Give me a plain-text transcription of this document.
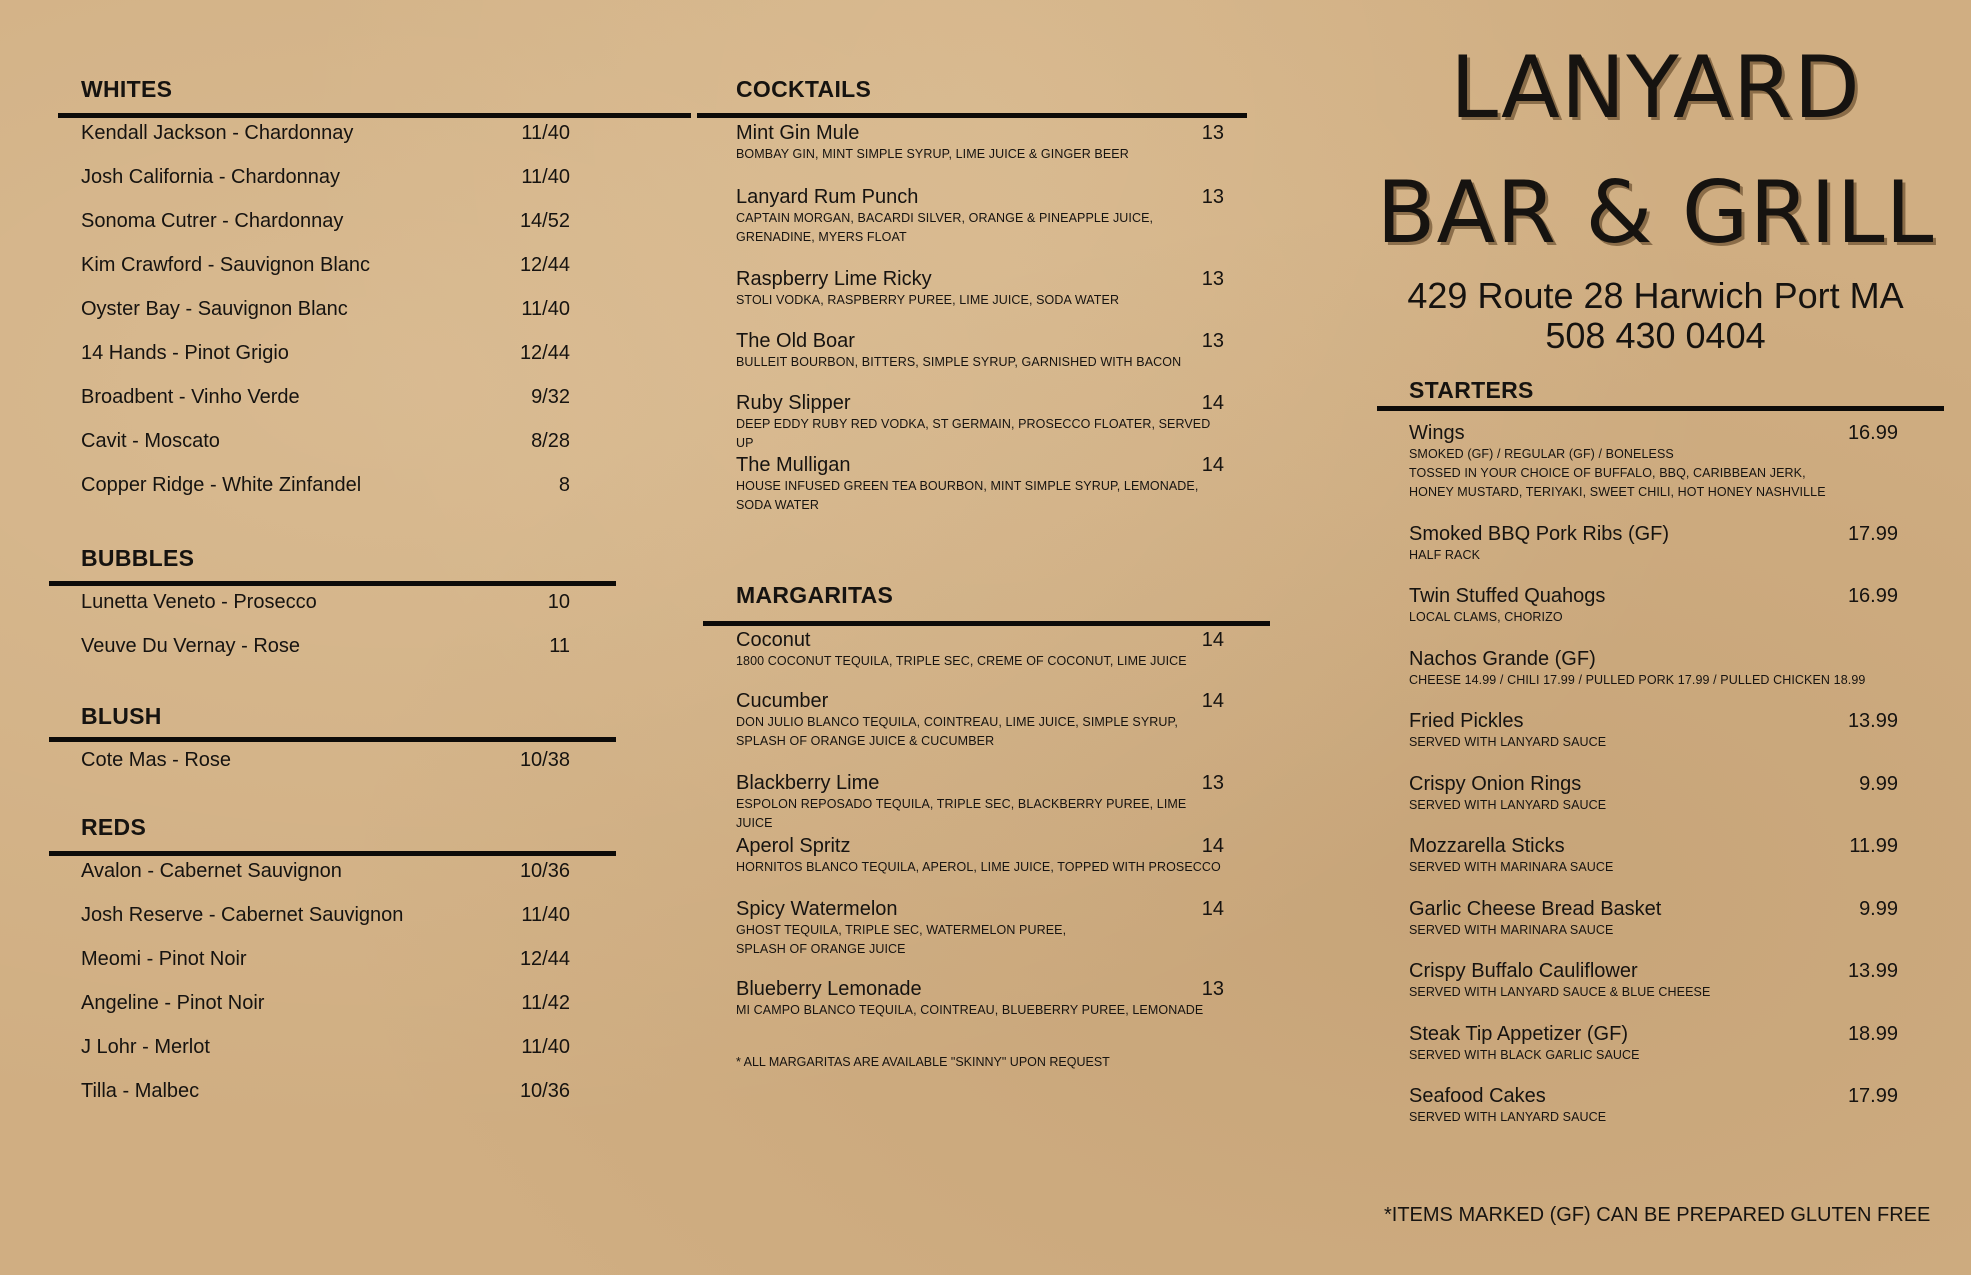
LANYARD
BAR & GRILL
429 Route 28 Harwich Port MA
508 430 0404
WHITES
Kendall Jackson - Chardonnay	11/40
Josh California - Chardonnay	11/40
Sonoma Cutrer - Chardonnay	14/52
Kim Crawford - Sauvignon Blanc	12/44
Oyster Bay - Sauvignon Blanc	11/40
14 Hands - Pinot Grigio	12/44
Broadbent - Vinho Verde	9/32
Cavit - Moscato	8/28
Copper Ridge - White Zinfandel	8
BUBBLES
Lunetta Veneto - Prosecco	10
Veuve Du Vernay - Rose	11
BLUSH
Cote Mas - Rose	10/38
REDS
Avalon - Cabernet Sauvignon	10/36
Josh Reserve - Cabernet Sauvignon	11/40
Meomi - Pinot Noir	12/44
Angeline - Pinot Noir	11/42
J Lohr - Merlot	11/40
Tilla - Malbec	10/36
COCKTAILS
Mint Gin Mule	13
BOMBAY GIN, MINT SIMPLE SYRUP, LIME JUICE & GINGER BEER
Lanyard Rum Punch	13
CAPTAIN MORGAN, BACARDI SILVER, ORANGE & PINEAPPLE JUICE,
GRENADINE, MYERS FLOAT
Raspberry Lime Ricky	13
STOLI VODKA, RASPBERRY PUREE, LIME JUICE, SODA WATER
The Old Boar	13
BULLEIT BOURBON, BITTERS, SIMPLE SYRUP, GARNISHED WITH BACON
Ruby Slipper	14
DEEP EDDY RUBY RED VODKA, ST GERMAIN, PROSECCO FLOATER, SERVED UP
The Mulligan	14
HOUSE INFUSED GREEN TEA BOURBON, MINT SIMPLE SYRUP, LEMONADE,
SODA WATER
MARGARITAS
Coconut	14
1800 COCONUT TEQUILA, TRIPLE SEC, CREME OF COCONUT, LIME JUICE
Cucumber	14
DON JULIO BLANCO TEQUILA, COINTREAU, LIME JUICE, SIMPLE SYRUP,
SPLASH OF ORANGE JUICE & CUCUMBER
Blackberry Lime	13
ESPOLON REPOSADO TEQUILA, TRIPLE SEC, BLACKBERRY PUREE, LIME JUICE
Aperol Spritz	14
HORNITOS BLANCO TEQUILA, APEROL, LIME JUICE, TOPPED WITH PROSECCO
Spicy Watermelon	14
GHOST TEQUILA, TRIPLE SEC, WATERMELON PUREE,
SPLASH OF ORANGE JUICE
Blueberry Lemonade	13
MI CAMPO BLANCO TEQUILA, COINTREAU, BLUEBERRY PUREE, LEMONADE
STARTERS
Wings	16.99
SMOKED (GF) / REGULAR (GF) / BONELESS
TOSSED IN YOUR CHOICE OF BUFFALO, BBQ, CARIBBEAN JERK,
HONEY MUSTARD, TERIYAKI, SWEET CHILI, HOT HONEY NASHVILLE
Smoked BBQ Pork Ribs (GF)	17.99
HALF RACK
Twin Stuffed Quahogs	16.99
LOCAL CLAMS, CHORIZO
Nachos Grande (GF)
CHEESE 14.99 / CHILI 17.99 / PULLED PORK 17.99 / PULLED CHICKEN 18.99
Fried Pickles	13.99
SERVED WITH LANYARD SAUCE
Crispy Onion Rings	9.99
SERVED WITH LANYARD SAUCE
Mozzarella Sticks	11.99
SERVED WITH MARINARA SAUCE
Garlic Cheese Bread Basket	9.99
SERVED WITH MARINARA SAUCE
Crispy Buffalo Cauliflower	13.99
SERVED WITH LANYARD SAUCE & BLUE CHEESE
Steak Tip Appetizer (GF)	18.99
SERVED WITH BLACK GARLIC SAUCE
Seafood Cakes	17.99
SERVED WITH LANYARD SAUCE
* ALL MARGARITAS ARE AVAILABLE "SKINNY" UPON REQUEST
*ITEMS MARKED (GF) CAN BE PREPARED GLUTEN FREE
